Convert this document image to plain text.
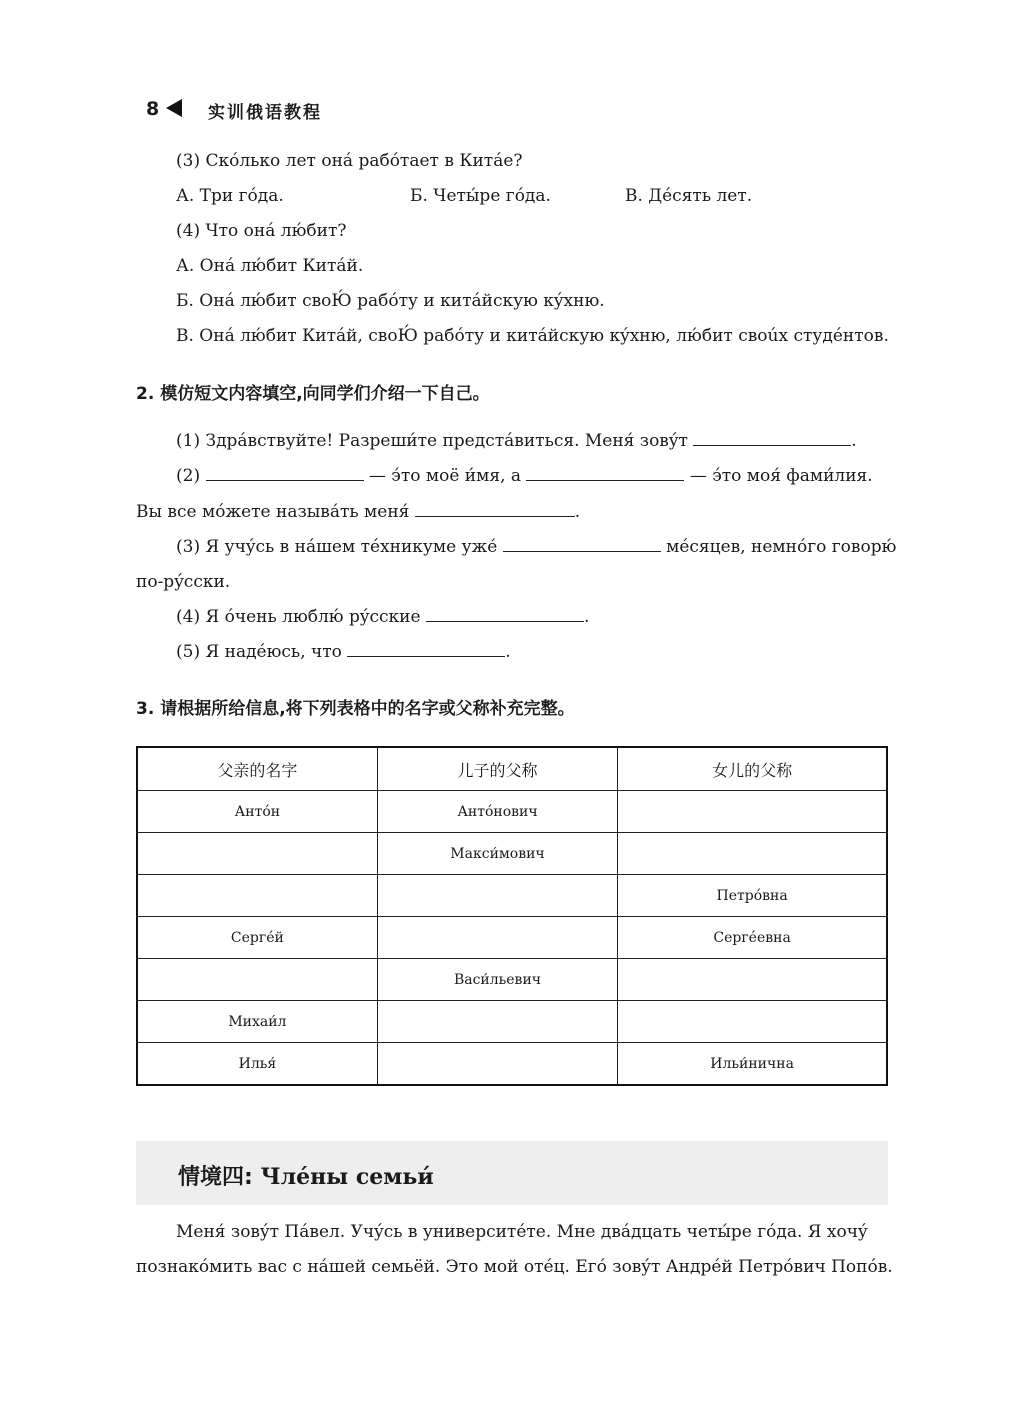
8	实训俄语教程
(3) Скóлько лет онá рабóтает в Китáе?
А. Три гóда.	Б. Четы́ре гóда.	В. Дéсять лет.
(4) Что онá лю́бит?
А. Онá лю́бит Китáй.
Б. Онá лю́бит своЮ́ рабóту и китáйскую кýхню.
В. Онá лю́бит Китáй, своЮ́ рабóту и китáйскую кýхню, лю́бит своúх студéнтов.
2. 模仿短文内容填空,向同学们介绍一下自己。
(1) Здрáвствуйте! Разреши́те предстáвиться. Меня́ зовýт	.
(2)	— э́то моё и́мя, а	— э́то моя́ фами́лия.
Вы все мóжете называ́ть меня́	.
(3) Я учýсь в нáшем тéхникуме уже́	мéсяцев, немнóго говорю́
по-рýсски.
(4) Я óчень люблю́ рýсские	.
(5) Я надéюсь, что	.
3. 请根据所给信息,将下列表格中的名字或父称补充完整。
父亲的名字	儿子的父称	女儿的父称
Антóн	Антóнович	
	Макси́мович	
		Петрóвна
Сергéй		Сергéевна
	Васи́льевич	
Михаи́л		
Илья́		Ильи́нична
情境四: Члéны семьи́
Меня́ зовýт Пáвел. Учýсь в университéте. Мне двáдцать четы́ре гóда. Я хочý
познакóмить вас с нáшей семьёй. Это мой отéц. Егó зовýт Андрéй Петрóвич Попóв.
